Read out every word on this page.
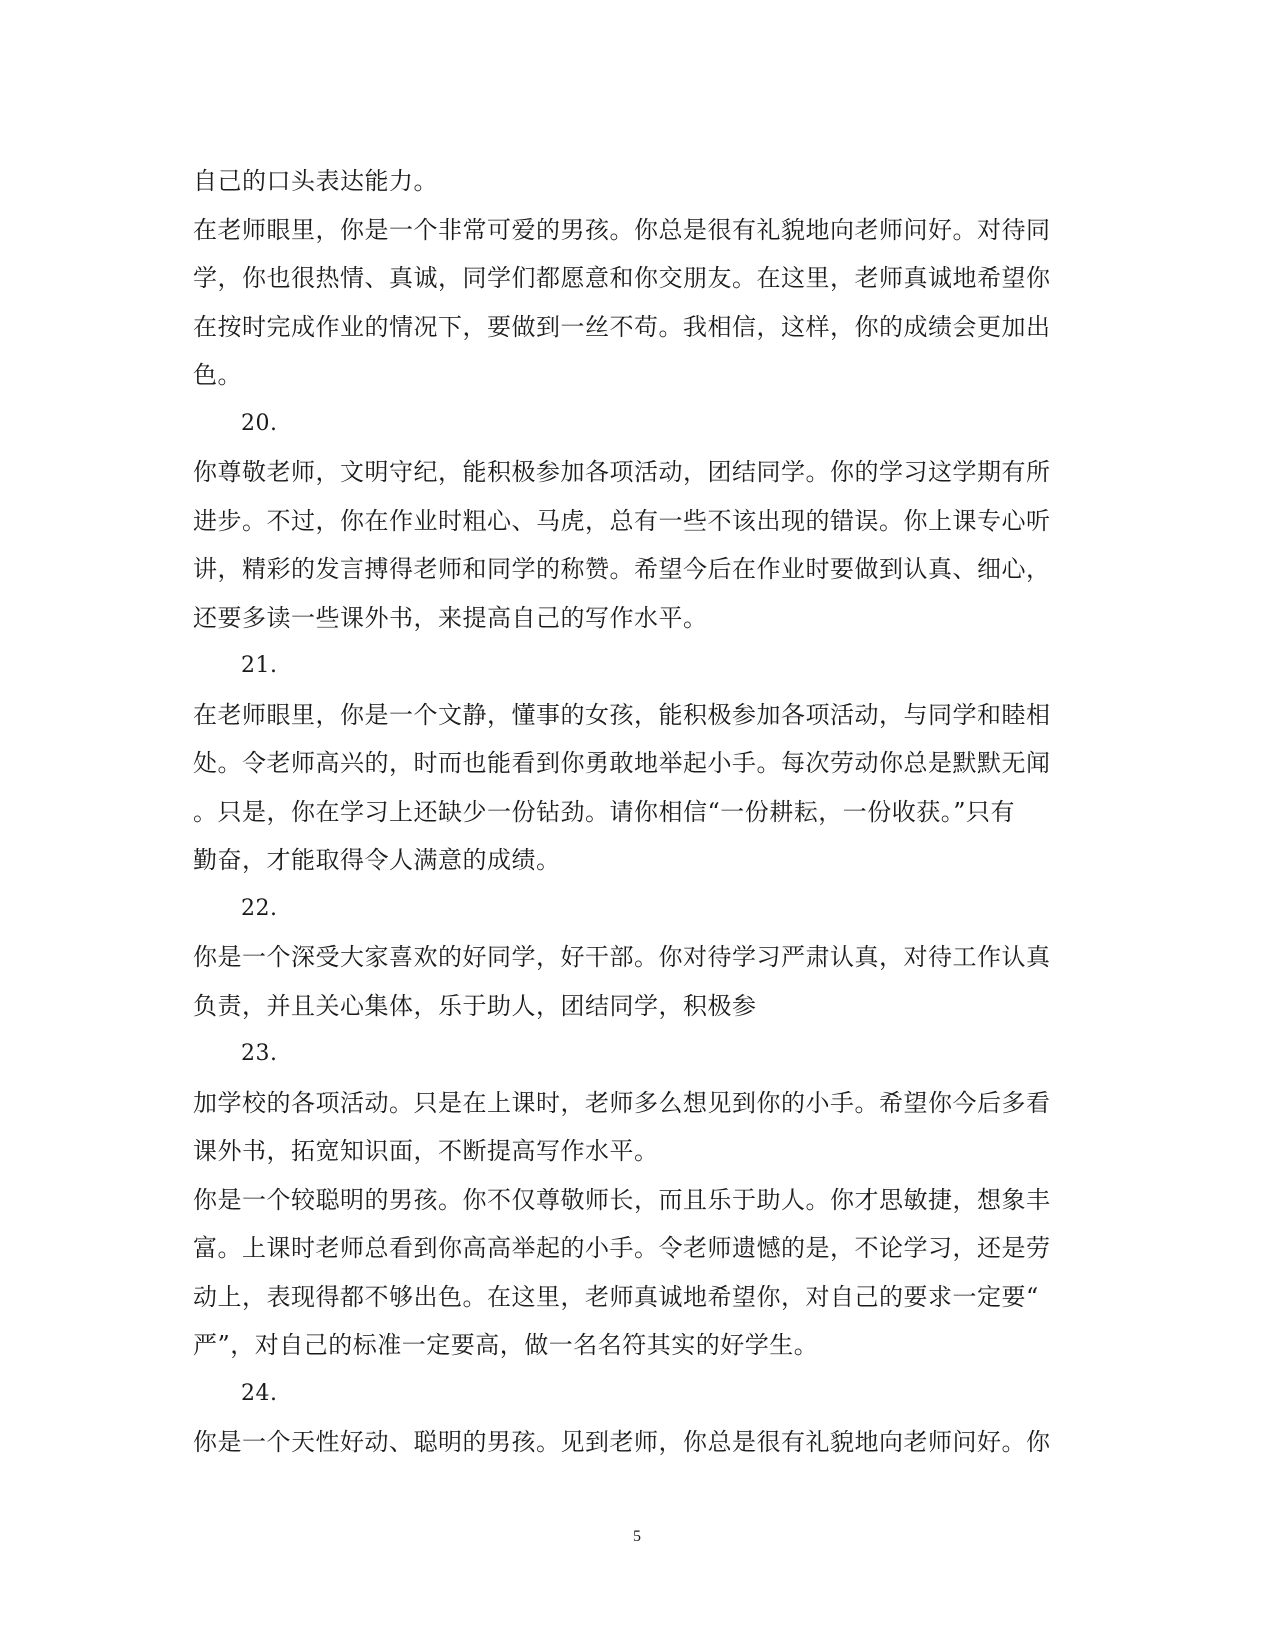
自己的口头表达能力。
在老师眼里，你是一个非常可爱的男孩。你总是很有礼貌地向老师问好。对待同
学，你也很热情、真诚，同学们都愿意和你交朋友。在这里，老师真诚地希望你
在按时完成作业的情况下，要做到一丝不苟。我相信，这样，你的成绩会更加出
色。
20.
你尊敬老师，文明守纪，能积极参加各项活动，团结同学。你的学习这学期有所
进步。不过，你在作业时粗心、马虎，总有一些不该出现的错误。你上课专心听
讲，精彩的发言搏得老师和同学的称赞。希望今后在作业时要做到认真、细心，
还要多读一些课外书，来提高自己的写作水平。
21.
在老师眼里，你是一个文静，懂事的女孩，能积极参加各项活动，与同学和睦相
处。令老师高兴的，时而也能看到你勇敢地举起小手。每次劳动你总是默默无闻
。只是，你在学习上还缺少一份钻劲。请你相信“一份耕耘，一份收获。”只有
勤奋，才能取得令人满意的成绩。
22.
你是一个深受大家喜欢的好同学，好干部。你对待学习严肃认真，对待工作认真
负责，并且关心集体，乐于助人，团结同学，积极参
23.
加学校的各项活动。只是在上课时，老师多么想见到你的小手。希望你今后多看
课外书，拓宽知识面，不断提高写作水平。
你是一个较聪明的男孩。你不仅尊敬师长，而且乐于助人。你才思敏捷，想象丰
富。上课时老师总看到你高高举起的小手。令老师遗憾的是，不论学习，还是劳
动上，表现得都不够出色。在这里，老师真诚地希望你，对自己的要求一定要“
严”，对自己的标准一定要高，做一名名符其实的好学生。
24.
你是一个天性好动、聪明的男孩。见到老师，你总是很有礼貌地向老师问好。你
5
